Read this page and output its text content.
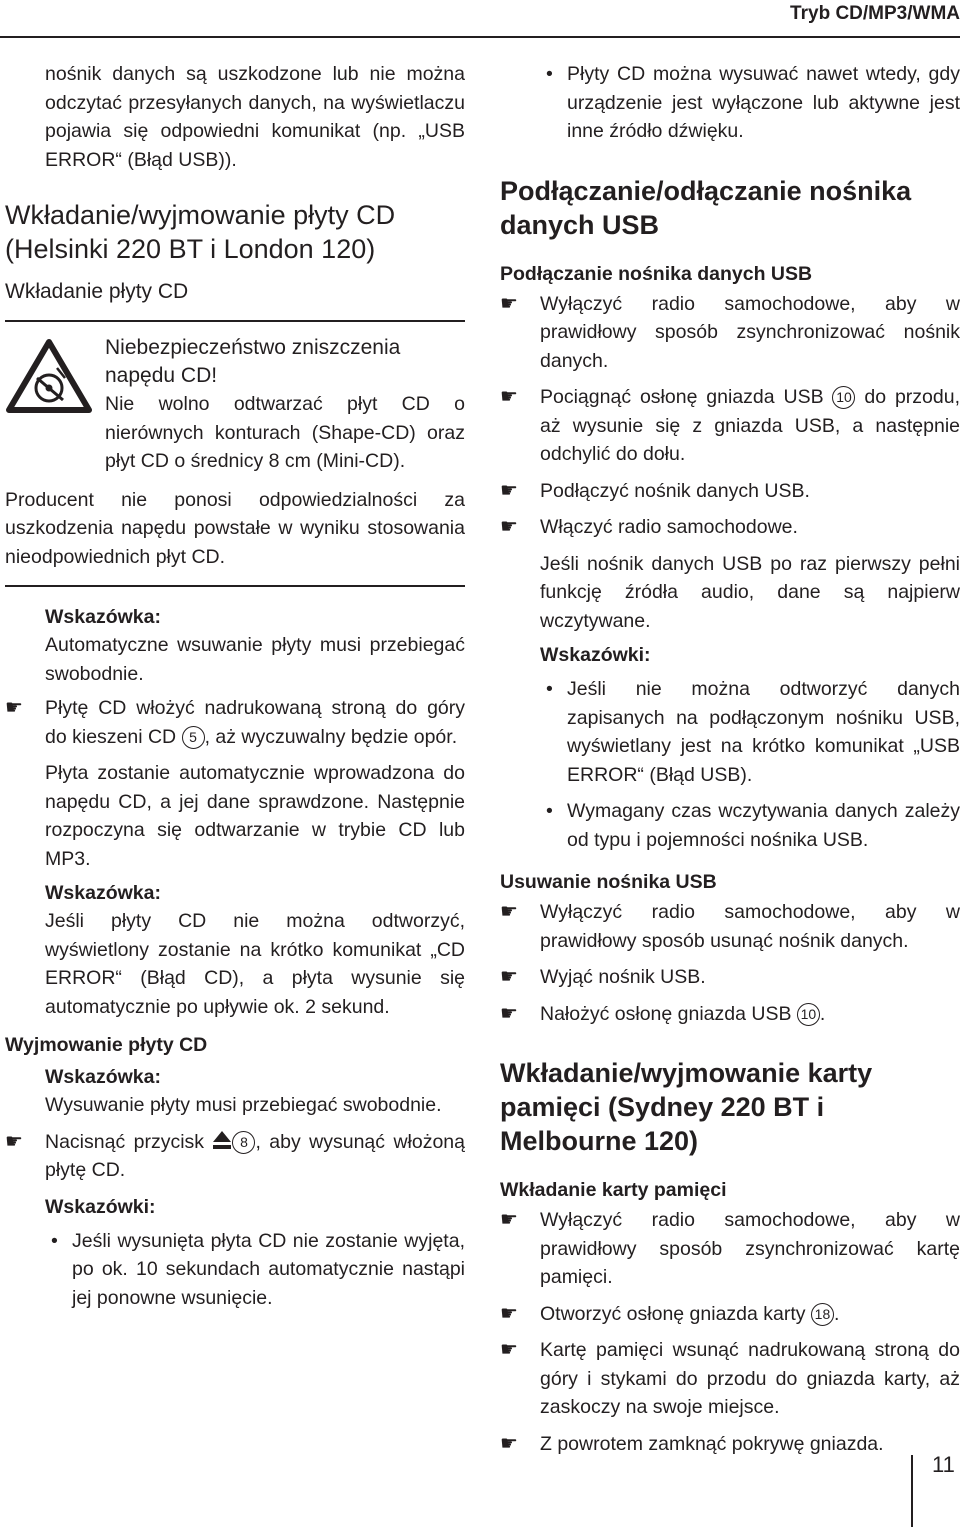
Tryb CD/MP3/WMA

nośnik danych są uszkodzone lub nie można odczytać przesyłanych danych, na wyświetlaczu pojawia się odpowiedni komunikat (np. „USB ERROR“ (Błąd USB)).

Wkładanie/wyjmowanie płyty CD (Helsinki 220 BT i London 120)
Wkładanie płyty CD
Niebezpieczeństwo zniszczenia napędu CD!

Nie wolno odtwarzać płyt CD o nierównych konturach (Shape-CD) oraz płyt CD o średnicy 8 cm (Mini-CD).

Producent nie ponosi odpowiedzialności za uszkodzenia napędu powstałe w wyniku stosowania nieodpowiednich płyt CD.

Wskazówka:

Automatyczne wsuwanie płyty musi przebiegać swobodnie.

☛ Płytę CD włożyć nadrukowaną stroną do góry do kieszeni CD 5 , aż wyczuwalny będzie opór.

Płyta zostanie automatycznie wprowadzona do napędu CD, a jej dane sprawdzone. Następnie rozpoczyna się odtwarzanie w trybie CD lub MP3.

Wskazówka:

Jeśli płyty CD nie można odtworzyć, wyświetlony zostanie na krótko komunikat „CD ERROR“ (Błąd CD), a płyta wysunie się automatycznie po upływie ok. 2 sekund.

Wyjmowanie płyty CD
Wskazówka:

Wysuwanie płyty musi przebiegać swobodnie.

☛ Nacisnąć przycisk	8 , aby wysunąć włożoną płytę CD.
Wskazówki:
• Jeśli wysunięta płyta CD nie zostanie wyjęta, po ok. 10 sekundach automatycznie nastąpi jej ponowne wsunięcie.
• Płyty CD można wysuwać nawet wtedy, gdy urządzenie jest wyłączone lub aktywne jest inne źródło dźwięku.
Podłączanie/odłączanie nośnika danych USB
Podłączanie nośnika danych USB
☛ Wyłączyć radio samochodowe, aby w prawidłowy sposób zsynchronizować nośnik danych.
☛ Pociągnąć osłonę gniazda USB 10 do przodu, aż wysunie się z gniazda USB, a następnie odchylić do dołu.
☛ Podłączyć nośnik danych USB.
☛ Włączyć radio samochodowe.

Jeśli nośnik danych USB po raz pierwszy pełni funkcję źródła audio, dane są najpierw wczytywane.

Wskazówki:
• Jeśli nie można odtworzyć danych zapisanych na podłączonym nośniku USB, wyświetlany jest na krótko komunikat „USB ERROR“ (Błąd USB).
• Wymagany czas wczytywania danych zależy od typu i pojemności nośnika USB.
Usuwanie nośnika USB
☛ Wyłączyć radio samochodowe, aby w prawidłowy sposób usunąć nośnik danych.
☛ Wyjąć nośnik USB.
☛ Nałożyć osłonę gniazda USB 10 .
Wkładanie/wyjmowanie karty pamięci (Sydney 220 BT i Melbourne 120)
Wkładanie karty pamięci
☛ Wyłączyć radio samochodowe, aby w prawidłowy sposób zsynchronizować kartę pamięci.
☛ Otworzyć osłonę gniazda karty 18 .
☛ Kartę pamięci wsunąć nadrukowaną stroną do góry i stykami do przodu do gniazda karty, aż zaskoczy na swoje miejsce.
☛ Z powrotem zamknąć pokrywę gniazda.
11
